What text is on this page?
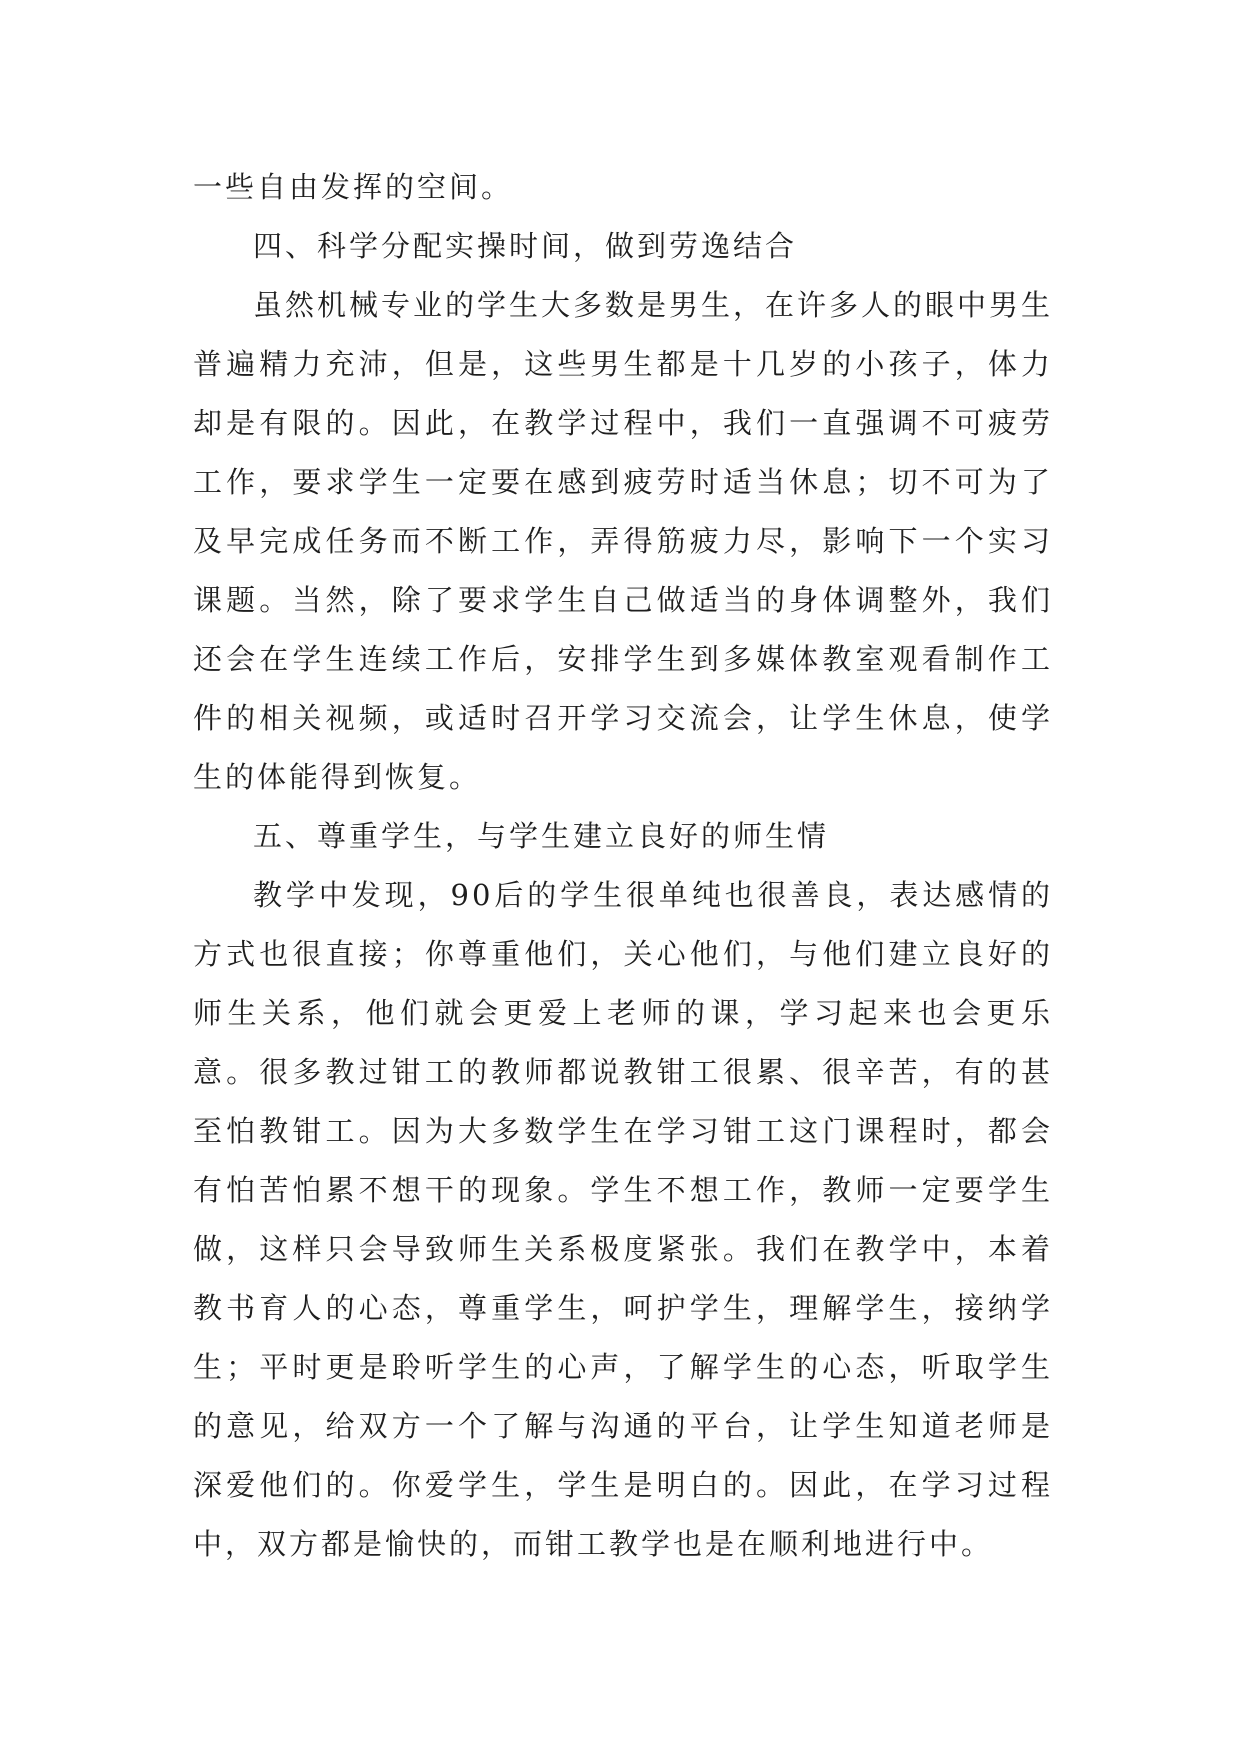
一些自由发挥的空间。

四、科学分配实操时间，做到劳逸结合

虽然机械专业的学生大多数是男生，在许多人的眼中男生普遍精力充沛，但是，这些男生都是十几岁的小孩子，体力却是有限的。因此，在教学过程中，我们一直强调不可疲劳工作，要求学生一定要在感到疲劳时适当休息；切不可为了及早完成任务而不断工作，弄得筋疲力尽，影响下一个实习课题。当然，除了要求学生自己做适当的身体调整外，我们还会在学生连续工作后，安排学生到多媒体教室观看制作工件的相关视频，或适时召开学习交流会，让学生休息，使学生的体能得到恢复。

五、尊重学生，与学生建立良好的师生情

教学中发现，90后的学生很单纯也很善良，表达感情的方式也很直接；你尊重他们，关心他们，与他们建立良好的师生关系，他们就会更爱上老师的课，学习起来也会更乐意。很多教过钳工的教师都说教钳工很累、很辛苦，有的甚至怕教钳工。因为大多数学生在学习钳工这门课程时，都会有怕苦怕累不想干的现象。学生不想工作，教师一定要学生做，这样只会导致师生关系极度紧张。我们在教学中，本着教书育人的心态，尊重学生，呵护学生，理解学生，接纳学生；平时更是聆听学生的心声，了解学生的心态，听取学生的意见，给双方一个了解与沟通的平台，让学生知道老师是深爱他们的。你爱学生，学生是明白的。因此，在学习过程中，双方都是愉快的，而钳工教学也是在顺利地进行中。
